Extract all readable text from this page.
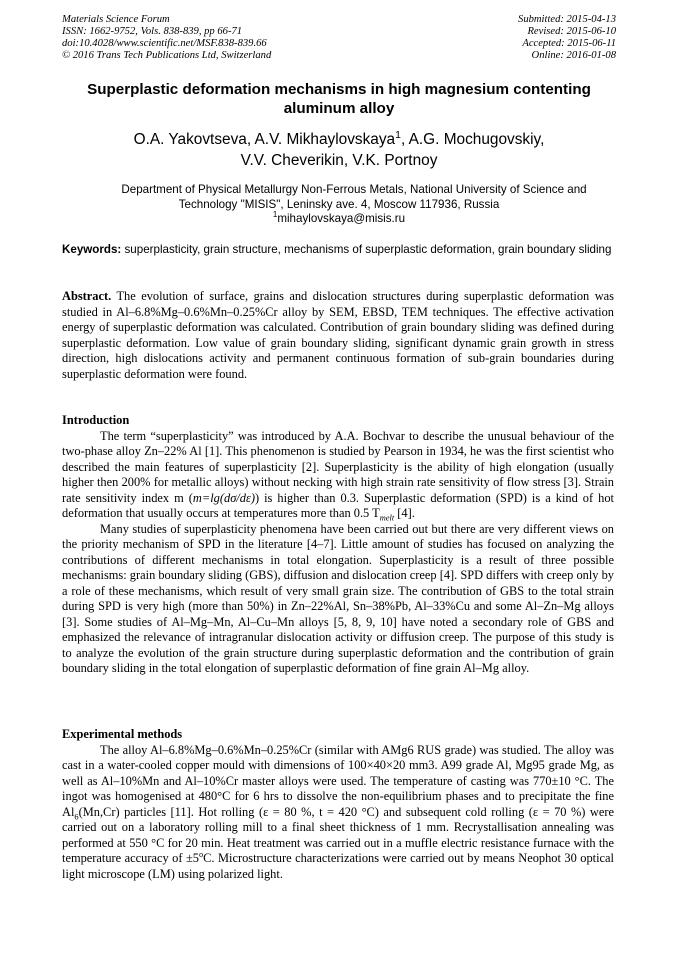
Materials Science Forum
ISSN: 1662-9752, Vols. 838-839, pp 66-71
doi:10.4028/www.scientific.net/MSF.838-839.66
© 2016 Trans Tech Publications Ltd, Switzerland
Submitted: 2015-04-13
Revised: 2015-06-10
Accepted: 2015-06-11
Online: 2016-01-08
Superplastic deformation mechanisms in high magnesium contenting
aluminum alloy
O.A. Yakovtseva, A.V. Mikhaylovskaya$^1$, A.G. Mochugovskiy,
V.V. Cheverikin, V.K. Portnoy
Department of Physical Metallurgy Non-Ferrous Metals, National University of Science and
Technology "MISIS", Leninsky ave. 4, Moscow 117936, Russia
$^1$mihaylovskaya@misis.ru
Keywords: superplasticity, grain structure, mechanisms of superplastic deformation, grain boundary sliding
Abstract. The evolution of surface, grains and dislocation structures during superplastic deformation was studied in Al–6.8%Mg–0.6%Mn–0.25%Cr alloy by SEM, EBSD, TEM techniques. The effective activation energy of superplastic deformation was calculated. Contribution of grain boundary sliding was defined during superplastic deformation. Low value of grain boundary sliding, significant dynamic grain growth in stress direction, high dislocations activity and permanent continuous formation of sub-grain boundaries during superplastic deformation were found.
Introduction

The term “superplasticity” was introduced by A.A. Bochvar to describe the unusual behaviour of the two-phase alloy Zn–22% Al [1]. This phenomenon is studied by Pearson in 1934, he was the first scientist who described the main features of superplasticity [2]. Superplasticity is the ability of high elongation (usually higher then 200% for metallic alloys) without necking with high strain rate sensitivity of flow stress [3]. Strain rate sensitivity index m (m=lg(dσ/dε)) is higher than 0.3. Superplastic deformation (SPD) is a kind of hot deformation that usually occurs at temperatures more than 0.5 $T_{melt}$ [4].

Many studies of superplasticity phenomena have been carried out but there are very different views on the priority mechanism of SPD in the literature [4–7]. Little amount of studies has focused on analyzing the contributions of different mechanisms in total elongation. Superplasticity is a result of three possible mechanisms: grain boundary sliding (GBS), diffusion and dislocation creep [4]. SPD differs with creep only by a role of these mechanisms, which result of very small grain size. The contribution of GBS to the total strain during SPD is very high (more than 50%) in Zn–22%Al, Sn–38%Pb, Al–33%Cu and some Al–Zn–Mg alloys [3]. Some studies of Al–Mg–Mn, Al–Cu–Mn alloys [5, 8, 9, 10] have noted a secondary role of GBS and emphasized the relevance of intragranular dislocation activity or diffusion creep. The purpose of this study is to analyze the evolution of the grain structure during superplastic deformation and the contribution of grain boundary sliding in the total elongation of superplastic deformation of fine grain Al–Mg alloy.

Experimental methods

The alloy Al–6.8%Mg–0.6%Mn–0.25%Cr (similar with AMg6 RUS grade) was studied. The alloy was cast in a water-cooled copper mould with dimensions of 100×40×20 mm3. A99 grade Al, Mg95 grade Mg, as well as Al–10%Mn and Al–10%Cr master alloys were used. The temperature of casting was 770±10 °C. The ingot was homogenised at 480°C for 6 hrs to dissolve the non-equilibrium phases and to precipitate the fine $Al_6(Mn,Cr)$ particles [11]. Hot rolling (ε = 80 %, t = 420 °C) and subsequent cold rolling (ε = 70 %) were carried out on a laboratory rolling mill to a final sheet thickness of 1 mm. Recrystallisation annealing was performed at 550 °C for 20 min. Heat treatment was carried out in a muffle electric resistance furnace with the temperature accuracy of $\pm 5^oC$. Microstructure characterizations were carried out by means Neophot 30 optical light microscope (LM) using polarized light.
